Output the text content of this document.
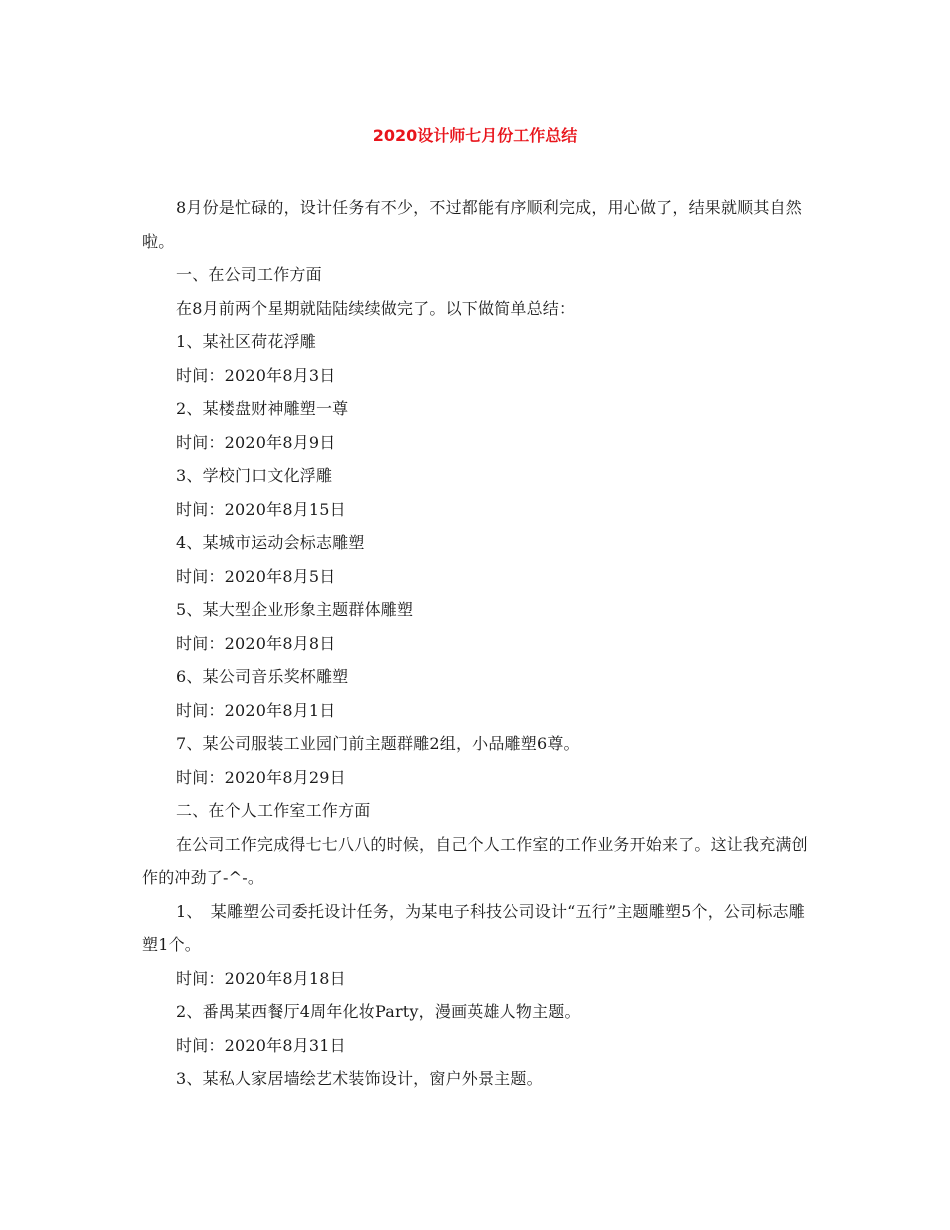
2020设计师七月份工作总结

8月份是忙碌的，设计任务有不少，不过都能有序顺利完成，用心做了，结果就顺其自然啦。

一、在公司工作方面

在8月前两个星期就陆陆续续做完了。以下做简单总结：

1、某社区荷花浮雕

时间：2020年8月3日

2、某楼盘财神雕塑一尊

时间：2020年8月9日

3、学校门口文化浮雕

时间：2020年8月15日

4、某城市运动会标志雕塑

时间：2020年8月5日

5、某大型企业形象主题群体雕塑

时间：2020年8月8日

6、某公司音乐奖杯雕塑

时间：2020年8月1日

7、某公司服装工业园门前主题群雕2组，小品雕塑6尊。

时间：2020年8月29日

二、在个人工作室工作方面

在公司工作完成得七七八八的时候，自己个人工作室的工作业务开始来了。这让我充满创作的冲劲了-^-。

1、　某雕塑公司委托设计任务，为某电子科技公司设计“五行”主题雕塑5个，公司标志雕塑1个。

时间：2020年8月18日

2、番禺某西餐厅4周年化妆Party，漫画英雄人物主题。

时间：2020年8月31日

3、某私人家居墙绘艺术装饰设计，窗户外景主题。
